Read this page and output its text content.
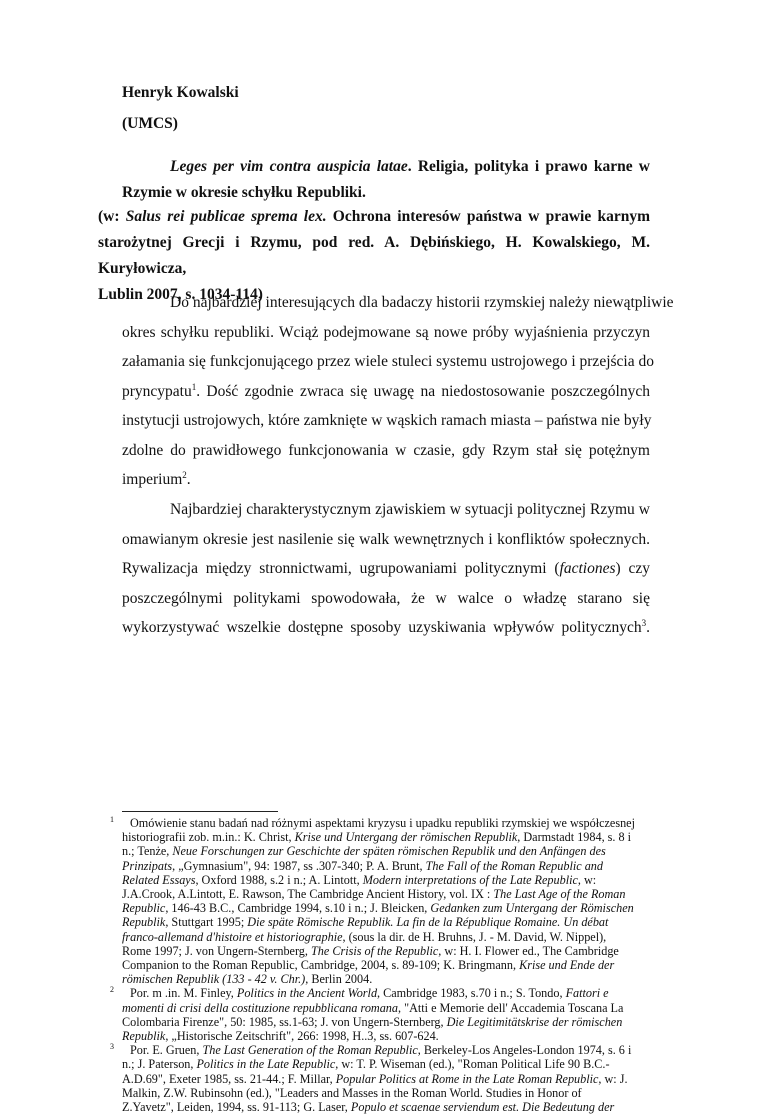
Henryk Kowalski
(UMCS)
Leges per vim contra auspicia latae. Religia, polityka i prawo karne w
Rzymie w okresie schyłku Republiki.
(w: Salus rei publicae sprema lex. Ochrona interesów państwa w prawie karnym
starożytnej Grecji i Rzymu, pod red. A. Dębińskiego, H. Kowalskiego, M. Kuryłowicza,
Lublin 2007, s. 1034-114)
Do najbardziej interesujących dla badaczy historii rzymskiej należy niewątpliwie
okres schyłku republiki. Wciąż podejmowane są nowe próby wyjaśnienia przyczyn
załamania się funkcjonującego przez wiele stuleci systemu ustrojowego i przejścia do
pryncypatu$^1$. Dość zgodnie zwraca się uwagę na niedostosowanie poszczególnych
instytucji ustrojowych, które zamknięte w wąskich ramach miasta – państwa nie były
zdolne do prawidłowego funkcjonowania w czasie, gdy Rzym stał się potężnym
imperium$^2$.
Najbardziej charakterystycznym zjawiskiem w sytuacji politycznej Rzymu w
omawianym okresie jest nasilenie się walk wewnętrznych i konfliktów społecznych.
Rywalizacja między stronnictwami, ugrupowaniami politycznymi (factiones) czy
poszczególnymi politykami spowodowała, że w walce o władzę starano się
wykorzystywać wszelkie dostępne sposoby uzyskiwania wpływów politycznych$^3$.
1	Omówienie stanu badań nad różnymi aspektami kryzysu i upadku republiki rzymskiej we współczesnej
historiografii zob. m.in.: K. Christ, Krise und Untergang der römischen Republik, Darmstadt 1984, s. 8 i
n.; Tenże, Neue Forschungen zur Geschichte der späten römischen Republik und den Anfängen des
Prinzipats, „Gymnasium", 94: 1987, ss .307-340; P. A. Brunt, The Fall of the Roman Republic and
Related Essays, Oxford 1988, s.2 i n.; A. Lintott, Modern interpretations of the Late Republic, w:
J.A.Crook, A.Lintott, E. Rawson, The Cambridge Ancient History, vol. IX : The Last Age of the Roman
Republic, 146-43 B.C., Cambridge 1994, s.10 i n.; J. Bleicken, Gedanken zum Untergang der Römischen
Republik, Stuttgart 1995; Die späte Römische Republik. La fin de la République Romaine. Un débat
franco-allemand d'histoire et historiographie, (sous la dir. de H. Bruhns, J. - M. David, W. Nippel),
Rome 1997; J. von Ungern-Sternberg, The Crisis of the Republic, w: H. I. Flower ed., The Cambridge
Companion to the Roman Republic, Cambridge, 2004, s. 89-109; K. Bringmann, Krise und Ende der
römischen Republik (133 - 42 v. Chr.), Berlin 2004.
2	Por. m .in. M. Finley, Politics in the Ancient World, Cambridge 1983, s.70 i n.; S. Tondo, Fattori e
momenti di crisi della costituzione repubblicana romana, "Atti e Memorie dell' Accademia Toscana La
Colombaria Firenze", 50: 1985, ss.1-63; J. von Ungern-Sternberg, Die Legitimitätskrise der römischen
Republik, „Historische Zeitschrift", 266: 1998, H..3, ss. 607-624.
3	Por. E. Gruen, The Last Generation of the Roman Republic, Berkeley-Los Angeles-London 1974, s. 6 i
n.; J. Paterson, Politics in the Late Republic, w: T. P. Wiseman (ed.), "Roman Political Life 90 B.C.-
A.D.69", Exeter 1985, ss. 21-44.; F. Millar, Popular Politics at Rome in the Late Roman Republic, w: J.
Malkin, Z.W. Rubinsohn (ed.), "Leaders and Masses in the Roman World. Studies in Honor of
Z.Yavetz", Leiden, 1994, ss. 91-113; G. Laser, Populo et scaenae serviendum est. Die Bedeutung der
